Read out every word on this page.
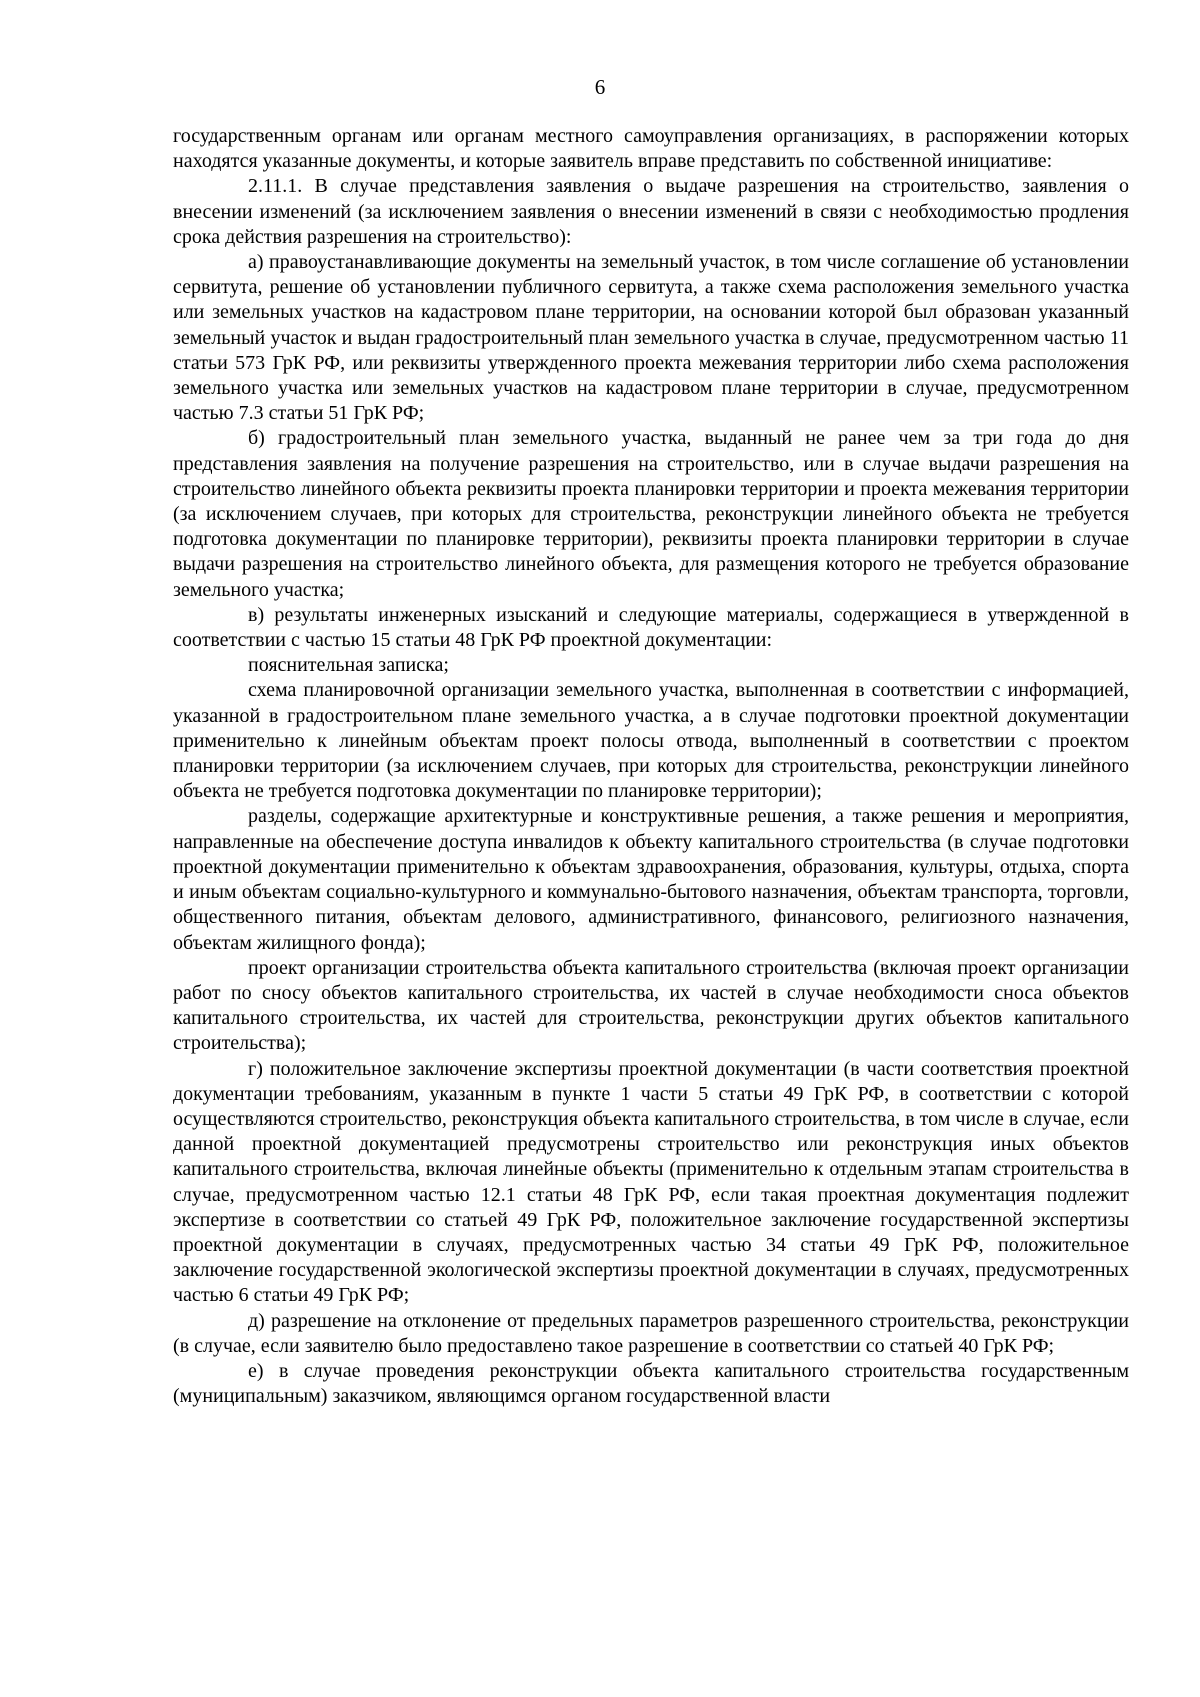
6

государственным органам или органам местного самоуправления организациях, в распоряжении которых находятся указанные документы, и которые заявитель вправе представить по собственной инициативе:

2.11.1. В случае представления заявления о выдаче разрешения на строительство, заявления о внесении изменений (за исключением заявления о внесении изменений в связи с необходимостью продления срока действия разрешения на строительство):

а) правоустанавливающие документы на земельный участок, в том числе соглашение об установлении сервитута, решение об установлении публичного сервитута, а также схема расположения земельного участка или земельных участков на кадастровом плане территории, на основании которой был образован указанный земельный участок и выдан градостроительный план земельного участка в случае, предусмотренном частью 11 статьи 573 ГрК РФ, или реквизиты утвержденного проекта межевания территории либо схема расположения земельного участка или земельных участков на кадастровом плане территории в случае, предусмотренном частью 7.3 статьи 51 ГрК РФ;

б) градостроительный план земельного участка, выданный не ранее чем за три года до дня представления заявления на получение разрешения на строительство, или в случае выдачи разрешения на строительство линейного объекта реквизиты проекта планировки территории и проекта межевания территории (за исключением случаев, при которых для строительства, реконструкции линейного объекта не требуется подготовка документации по планировке территории), реквизиты проекта планировки территории в случае выдачи разрешения на строительство линейного объекта, для размещения которого не требуется образование земельного участка;

в) результаты инженерных изысканий и следующие материалы, содержащиеся в утвержденной в соответствии с частью 15 статьи 48 ГрК РФ проектной документации:

пояснительная записка;

схема планировочной организации земельного участка, выполненная в соответствии с информацией, указанной в градостроительном плане земельного участка, а в случае подготовки проектной документации применительно к линейным объектам проект полосы отвода, выполненный в соответствии с проектом планировки территории (за исключением случаев, при которых для строительства, реконструкции линейного объекта не требуется подготовка документации по планировке территории);

разделы, содержащие архитектурные и конструктивные решения, а также решения и мероприятия, направленные на обеспечение доступа инвалидов к объекту капитального строительства (в случае подготовки проектной документации применительно к объектам здравоохранения, образования, культуры, отдыха, спорта и иным объектам социально-культурного и коммунально-бытового назначения, объектам транспорта, торговли, общественного питания, объектам делового, административного, финансового, религиозного назначения, объектам жилищного фонда);

проект организации строительства объекта капитального строительства (включая проект организации работ по сносу объектов капитального строительства, их частей в случае необходимости сноса объектов капитального строительства, их частей для строительства, реконструкции других объектов капитального строительства);

г) положительное заключение экспертизы проектной документации (в части соответствия проектной документации требованиям, указанным в пункте 1 части 5 статьи 49 ГрК РФ, в соответствии с которой осуществляются строительство, реконструкция объекта капитального строительства, в том числе в случае, если данной проектной документацией предусмотрены строительство или реконструкция иных объектов капитального строительства, включая линейные объекты (применительно к отдельным этапам строительства в случае, предусмотренном частью 12.1 статьи 48 ГрК РФ, если такая проектная документация подлежит экспертизе в соответствии со статьей 49 ГрК РФ, положительное заключение государственной экспертизы проектной документации в случаях, предусмотренных частью 34 статьи 49 ГрК РФ, положительное заключение государственной экологической экспертизы проектной документации в случаях, предусмотренных частью 6 статьи 49 ГрК РФ;

д) разрешение на отклонение от предельных параметров разрешенного строительства, реконструкции (в случае, если заявителю было предоставлено такое разрешение в соответствии со статьей 40 ГрК РФ;

е) в случае проведения реконструкции объекта капитального строительства государственным (муниципальным) заказчиком, являющимся органом государственной власти
